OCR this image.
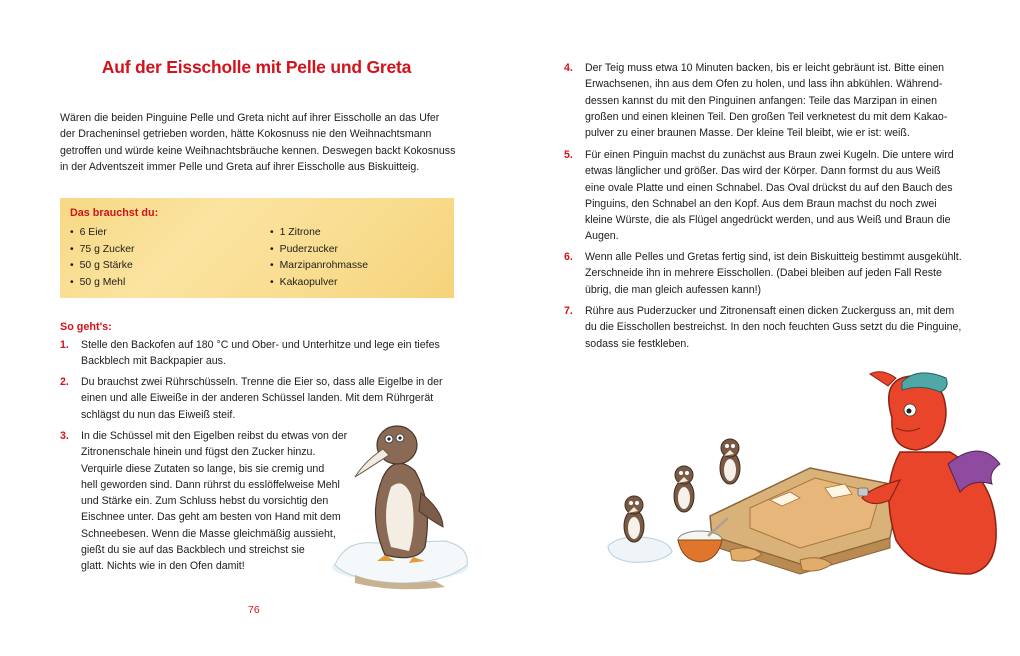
Auf der Eisscholle mit Pelle und Greta
Wären die beiden Pinguine Pelle und Greta nicht auf ihrer Eisscholle an das Ufer
der Dracheninsel getrieben worden, hätte Kokosnuss nie den Weihnachtsmann
getroffen und würde keine Weihnachtsbräuche kennen. Deswegen backt Kokosnuss
in der Adventszeit immer Pelle und Greta auf ihrer Eisscholle aus Biskuitteig.
Das brauchst du:
• 6 Eier
• 75 g Zucker
• 50 g Stärke
• 50 g Mehl
• 1 Zitrone
• Puderzucker
• Marzipanrohmasse
• Kakaopulver
So geht's:
1. Stelle den Backofen auf 180 °C und Ober- und Unterhitze und lege ein tiefes
Backblech mit Backpapier aus.
2. Du brauchst zwei Rührschüsseln. Trenne die Eier so, dass alle Eigelbe in der
einen und alle Eiweiße in der anderen Schüssel landen. Mit dem Rührgerät
schlägst du nun das Eiweiß steif.
3. In die Schüssel mit den Eigelben reibst du etwas von der
Zitronenschale hinein und fügst den Zucker hinzu.
Verquirle diese Zutaten so lange, bis sie cremig und
hell geworden sind. Dann rührst du esslöffelweise Mehl
und Stärke ein. Zum Schluss hebst du vorsichtig den
Eischnee unter. Das geht am besten von Hand mit dem
Schneebesen. Wenn die Masse gleichmäßig aussieht,
gießt du sie auf das Backblech und streichst sie
glatt. Nichts wie in den Ofen damit!
76
4. Der Teig muss etwa 10 Minuten backen, bis er leicht gebräunt ist. Bitte einen
Erwachsenen, ihn aus dem Ofen zu holen, und lass ihn abkühlen. Während-
dessen kannst du mit den Pinguinen anfangen: Teile das Marzipan in einen
großen und einen kleinen Teil. Den großen Teil verknetest du mit dem Kakao-
pulver zu einer braunen Masse. Der kleine Teil bleibt, wie er ist: weiß.
5. Für einen Pinguin machst du zunächst aus Braun zwei Kugeln. Die untere wird
etwas länglicher und größer. Das wird der Körper. Dann formst du aus Weiß
eine ovale Platte und einen Schnabel. Das Oval drückst du auf den Bauch des
Pinguins, den Schnabel an den Kopf. Aus dem Braun machst du noch zwei
kleine Würste, die als Flügel angedrückt werden, und aus Weiß und Braun die
Augen.
6. Wenn alle Pelles und Gretas fertig sind, ist dein Biskuitteig bestimmt ausgekühlt.
Zerschneide ihn in mehrere Eisschollen. (Dabei bleiben auf jeden Fall Reste
übrig, die man gleich aufessen kann!)
7. Rühre aus Puderzucker und Zitronensaft einen dicken Zuckerguss an, mit dem
du die Eisschollen bestreichst. In den noch feuchten Guss setzt du die Pinguine,
sodass sie festkleben.
